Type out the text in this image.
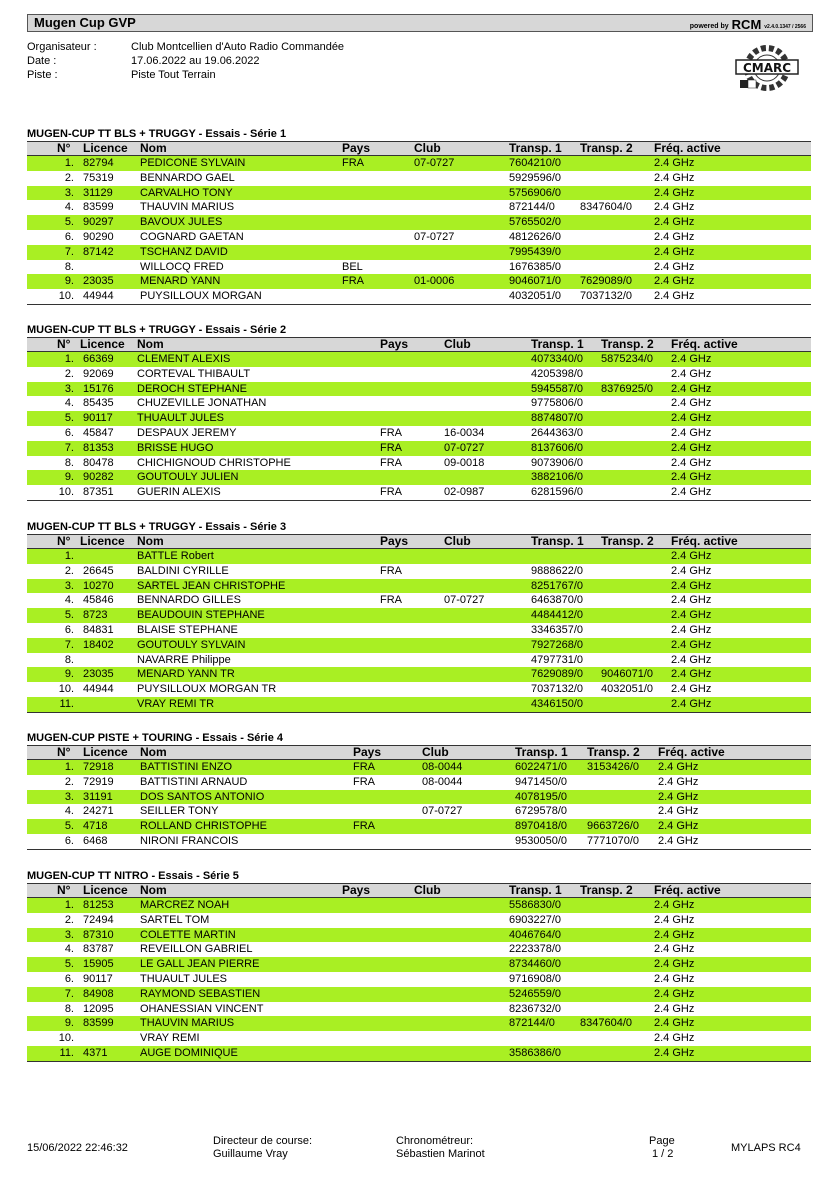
Mugen Cup GVP	powered by RCM v2.4.0.1347 / 2566
Organisateur :	Club Montcellien d'Auto Radio Commandée
Date :	17.06.2022 au 19.06.2022
Piste :	Piste Tout Terrain	CMARC
MUGEN-CUP TT BLS + TRUGGY - Essais - Série 1
N° Licence Nom	Pays	Club	Transp. 1 Transp. 2 Fréq. active
1. 82794 PEDICONE SYLVAIN	FRA	07-0727	7604210/0	2.4 GHz
2. 75319 BENNARDO GAEL	5929596/0	2.4 GHz
3. 31129 CARVALHO TONY	5756906/0	2.4 GHz
4. 83599 THAUVIN MARIUS	872144/0 8347604/0 2.4 GHz
5. 90297 BAVOUX JULES	5765502/0	2.4 GHz
6. 90290 COGNARD GAETAN	07-0727	4812626/0	2.4 GHz
7. 87142 TSCHANZ DAVID	7995439/0	2.4 GHz
8.	WILLOCQ FRED	BEL	1676385/0	2.4 GHz
9. 23035 MENARD YANN	FRA	01-0006	9046071/0 7629089/0 2.4 GHz
10. 44944 PUYSILLOUX MORGAN	4032051/0 7037132/0 2.4 GHz
MUGEN-CUP TT BLS + TRUGGY - Essais - Série 2
N° Licence Nom	Pays	Club	Transp. 1 Transp. 2 Fréq. active
1. 66369 CLEMENT ALEXIS	4073340/0 5875234/0 2.4 GHz
2. 92069 CORTEVAL THIBAULT	4205398/0	2.4 GHz
3. 15176 DEROCH STEPHANE	5945587/0 8376925/0 2.4 GHz
4. 85435 CHUZEVILLE JONATHAN	9775806/0	2.4 GHz
5. 90117 THUAULT JULES	8874807/0	2.4 GHz
6. 45847 DESPAUX JEREMY	FRA	16-0034	2644363/0	2.4 GHz
7. 81353 BRISSE HUGO	FRA	07-0727	8137606/0	2.4 GHz
8. 80478 CHICHIGNOUD CHRISTOPHE	FRA	09-0018	9073906/0	2.4 GHz
9. 90282 GOUTOULY JULIEN	3882106/0	2.4 GHz
10. 87351 GUERIN ALEXIS	FRA	02-0987	6281596/0	2.4 GHz
MUGEN-CUP TT BLS + TRUGGY - Essais - Série 3
N° Licence Nom	Pays	Club	Transp. 1 Transp. 2 Fréq. active
1.	BATTLE Robert	2.4 GHz
2. 26645 BALDINI CYRILLE	FRA	9888622/0	2.4 GHz
3. 10270 SARTEL JEAN CHRISTOPHE	8251767/0	2.4 GHz
4. 45846 BENNARDO GILLES	FRA	07-0727	6463870/0	2.4 GHz
5. 8723	BEAUDOUIN STEPHANE	4484412/0	2.4 GHz
6. 84831 BLAISE STEPHANE	3346357/0	2.4 GHz
7. 18402 GOUTOULY SYLVAIN	7927268/0	2.4 GHz
8.	NAVARRE Philippe	4797731/0	2.4 GHz
9. 23035 MENARD YANN TR	7629089/0 9046071/0 2.4 GHz
10. 44944 PUYSILLOUX MORGAN TR	7037132/0 4032051/0 2.4 GHz
11.	VRAY REMI TR	4346150/0	2.4 GHz
MUGEN-CUP PISTE + TOURING - Essais - Série 4
N° Licence Nom	Pays	Club	Transp. 1 Transp. 2 Fréq. active
1. 72918 BATTISTINI ENZO	FRA	08-0044	6022471/0 3153426/0 2.4 GHz
2. 72919 BATTISTINI ARNAUD	FRA	08-0044	9471450/0	2.4 GHz
3. 31191 DOS SANTOS ANTONIO	4078195/0	2.4 GHz
4. 24271 SEILLER TONY	07-0727	6729578/0	2.4 GHz
5. 4718	ROLLAND CHRISTOPHE	FRA	8970418/0 9663726/0 2.4 GHz
6. 6468	NIRONI FRANCOIS	9530050/0 7771070/0 2.4 GHz
MUGEN-CUP TT NITRO - Essais - Série 5
N° Licence Nom	Pays	Club	Transp. 1 Transp. 2 Fréq. active
1. 81253 MARCREZ NOAH	5586830/0	2.4 GHz
2. 72494 SARTEL TOM	6903227/0	2.4 GHz
3. 87310 COLETTE MARTIN	4046764/0	2.4 GHz
4. 83787 REVEILLON GABRIEL	2223378/0	2.4 GHz
5. 15905 LE GALL JEAN PIERRE	8734460/0	2.4 GHz
6. 90117 THUAULT JULES	9716908/0	2.4 GHz
7. 84908 RAYMOND SEBASTIEN	5246559/0	2.4 GHz
8. 12095 OHANESSIAN VINCENT	8236732/0	2.4 GHz
9. 83599 THAUVIN MARIUS	872144/0 8347604/0 2.4 GHz
10.	VRAY REMI	2.4 GHz
11. 4371	AUGE DOMINIQUE	3586386/0	2.4 GHz
15/06/2022 22:46:32
Directeur de course:
Guillaume Vray
Chronométreur:
Sébastien Marinot
Page
1 / 2	MYLAPS RC4
